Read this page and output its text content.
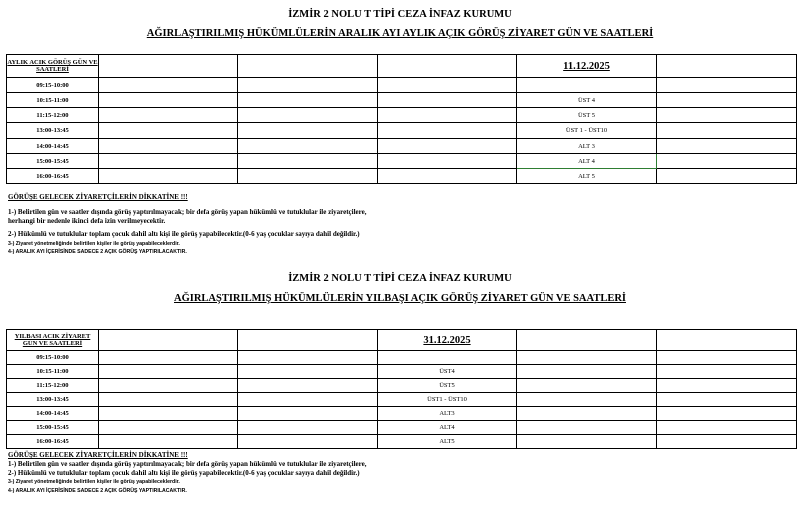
İZMİR 2 NOLU T TİPİ CEZA İNFAZ KURUMU
AĞIRLAŞTIRILMIŞ HÜKÜMLÜLERİN ARALIK AYI AYLIK AÇIK GÖRÜŞ ZİYARET GÜN VE SAATLERİ
AYLIK ACIK GÖRÜŞ GÜN VE SAATLERİ				11.12.2025	
09:15-10:00					
10:15-11:00				ÜST 4	
11:15-12:00				ÜST 5	
13:00-13:45				ÜST 1 - ÜST10	
14:00-14:45				ALT 3	
15:00-15:45				ALT 4	
16:00-16:45				ALT 5	
GÖRÜŞE GELECEK ZİYARETÇİLERİN DİKKATİNE !!!
1-) Belirtilen gün ve saatler dışında görüş yaptırılmayacak; bir defa görüş yapan hükümlü ve tutuklular ile ziyaretçilere,
herhangi bir nedenle ikinci defa izin verilmeyecektir.
2-) Hükümlü ve tutuklular toplam çocuk dahil altı kişi ile görüş yapabilecektir.(0-6 yaş çocuklar sayıya dahil değildir.)
3-) Ziyaret yönetmeliğinde belirtilen kişiler ile görüş yapabileceklerdir.
4-) ARALIK AYI İÇERİSİNDE SADECE 2 AÇIK GÖRÜŞ YAPTIRILACAKTIR.
İZMİR 2 NOLU T TİPİ CEZA İNFAZ KURUMU
AĞIRLAŞTIRILMIŞ HÜKÜMLÜLERİN YILBAŞI AÇIK GÖRÜŞ ZİYARET GÜN VE SAATLERİ
YILBASI ACIK ZİYARET GÜN VE SAATLERİ			31.12.2025		
09:15-10:00					
10:15-11:00			ÜST4		
11:15-12:00			ÜST5		
13:00-13:45			ÜST1 - ÜST10		
14:00-14:45			ALT3		
15:00-15:45			ALT4		
16:00-16:45			ALT5		
GÖRÜŞE GELECEK ZİYARETÇİLERİN DİKKATİNE !!!
1-) Belirtilen gün ve saatler dışında görüş yaptırılmayacak; bir defa görüş yapan hükümlü ve tutuklular ile ziyaretçilere,
2-) Hükümlü ve tutuklular toplam çocuk dahil altı kişi ile görüş yapabilecektir.(0-6 yaş çocuklar sayıya dahil değildir.)
3-) Ziyaret yönetmeliğinde belirtilen kişiler ile görüş yapabileceklerdir.
4-) ARALIK AYI İÇERİSİNDE SADECE 2 AÇIK GÖRÜŞ YAPTIRILACAKTIR.
